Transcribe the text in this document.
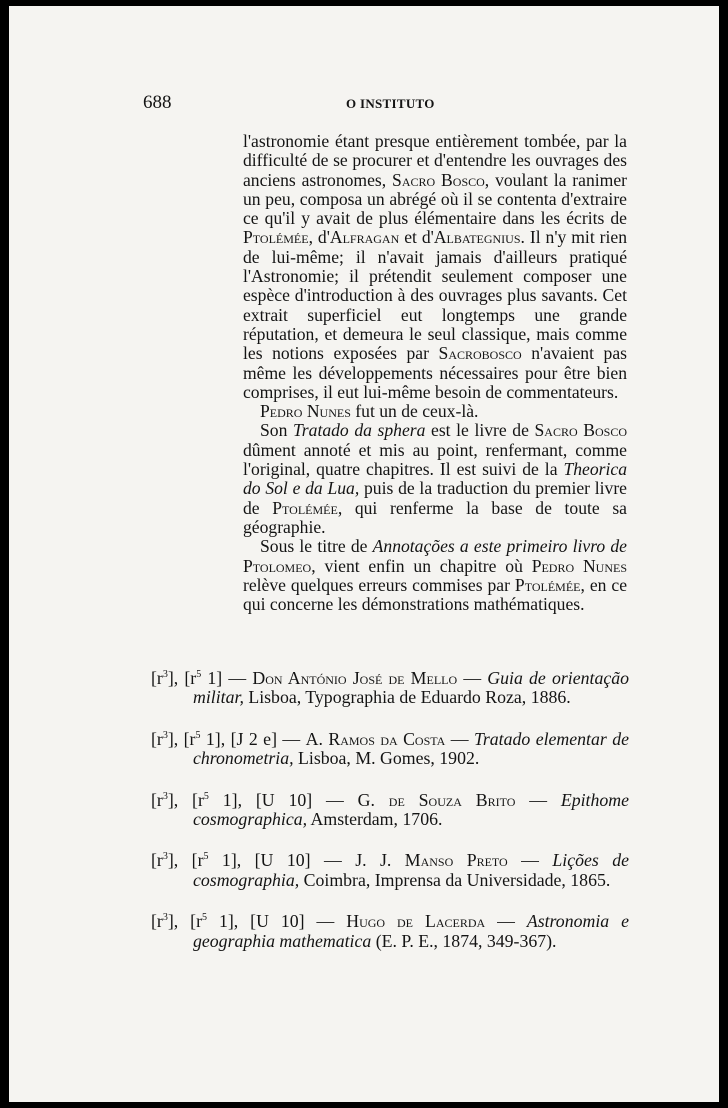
688	O INSTITUTO

l'astronomie étant presque entièrement tombée, par la difficulté de se procurer et d'entendre les ouvrages des anciens astronomes, Sacro Bosco, voulant la ranimer un peu, composa un abrégé où il se contenta d'extraire ce qu'il y avait de plus élémentaire dans les écrits de Ptolémée, d'Alfragan et d'Albategnius. Il n'y mit rien de lui-même; il n'avait jamais d'ailleurs pratiqué l'Astronomie; il prétendit seulement composer une espèce d'introduction à des ouvrages plus savants. Cet extrait superficiel eut longtemps une grande réputation, et demeura le seul classique, mais comme les notions exposées par Sacrobosco n'avaient pas même les développements nécessaires pour être bien comprises, il eut lui-même besoin de commentateurs.

Pedro Nunes fut un de ceux-là.

Son Tratado da sphera est le livre de Sacro Bosco dûment annoté et mis au point, renfermant, comme l'original, quatre chapitres. Il est suivi de la Theorica do Sol e da Lua, puis de la traduction du premier livre de Ptolémée, qui renferme la base de toute sa géographie.

Sous le titre de Annotações a este primeiro livro de Ptolomeo, vient enfin un chapitre où Pedro Nunes relève quelques erreurs commises par Ptolémée, en ce qui concerne les démonstrations mathématiques.

$[r^3]$, [$r^5$ 1] — Don António José de Mello — Guia de orientação militar, Lisboa, Typographia de Eduardo Roza, 1886.

$[r^3]$, [$r^5$ 1], [J 2 e] — A. Ramos da Costa — Tratado elementar de chronometria, Lisboa, M. Gomes, 1902.

$[r^3]$, [$r^5$ 1], [U 10] — G. de Souza Brito — Epithome cosmographica, Amsterdam, 1706.

$[r^3]$, [$r^5$ 1], [U 10] — J. J. Manso Preto — Lições de cosmographia, Coimbra, Imprensa da Universidade, 1865.

$[r^3]$, [$r^5$ 1], [U 10] — Hugo de Lacerda — Astronomia e geographia mathematica (E. P. E., 1874, 349-367).
